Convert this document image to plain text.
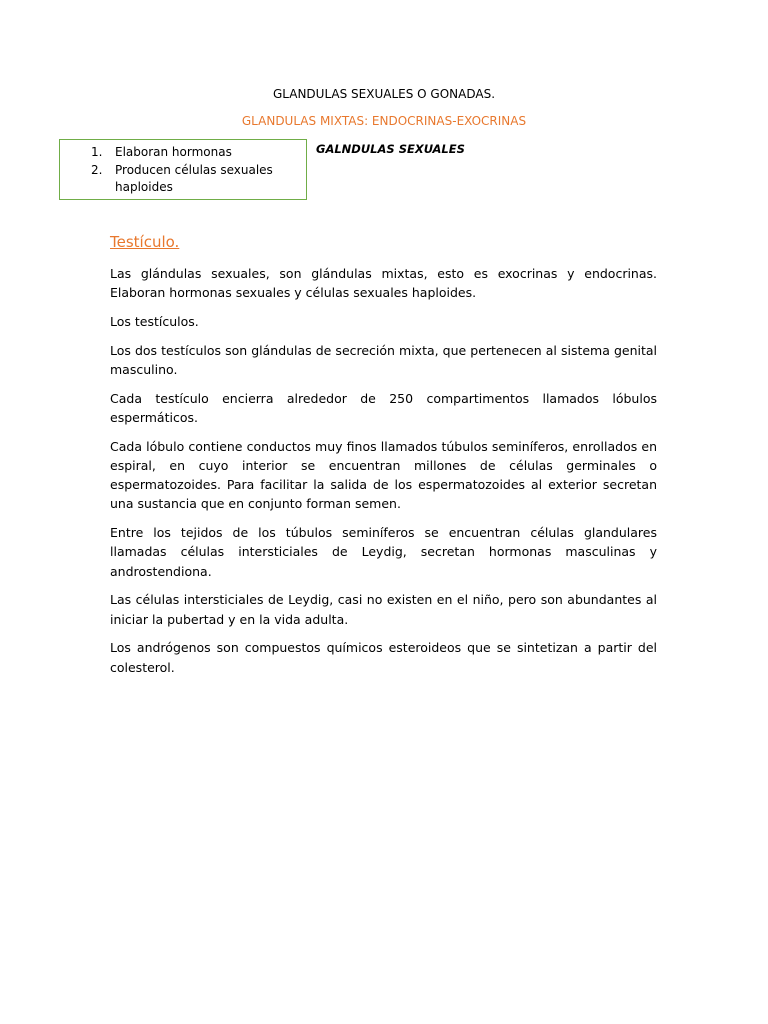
GLANDULAS SEXUALES O GONADAS.
GLANDULAS MIXTAS: ENDOCRINAS-EXOCRINAS
1. Elaboran hormonas
2. Producen células sexuales haploides
GALNDULAS SEXUALES
Testículo.

Las glándulas sexuales, son glándulas mixtas, esto es exocrinas y endocrinas. Elaboran hormonas sexuales y células sexuales haploides.

Los testículos.

Los dos testículos son glándulas de secreción mixta, que pertenecen al sistema genital masculino.

Cada testículo encierra alrededor de 250 compartimentos llamados lóbulos espermáticos.

Cada lóbulo contiene conductos muy finos llamados túbulos seminíferos, enrollados en espiral, en cuyo interior se encuentran millones de células germinales o espermatozoides. Para facilitar la salida de los espermatozoides al exterior secretan una sustancia que en conjunto forman semen.

Entre los tejidos de los túbulos seminíferos se encuentran células glandulares llamadas células intersticiales de Leydig, secretan hormonas masculinas y androstendiona.

Las células intersticiales de Leydig, casi no existen en el niño, pero son abundantes al iniciar la pubertad y en la vida adulta.

Los andrógenos son compuestos químicos esteroideos que se sintetizan a partir del colesterol.
